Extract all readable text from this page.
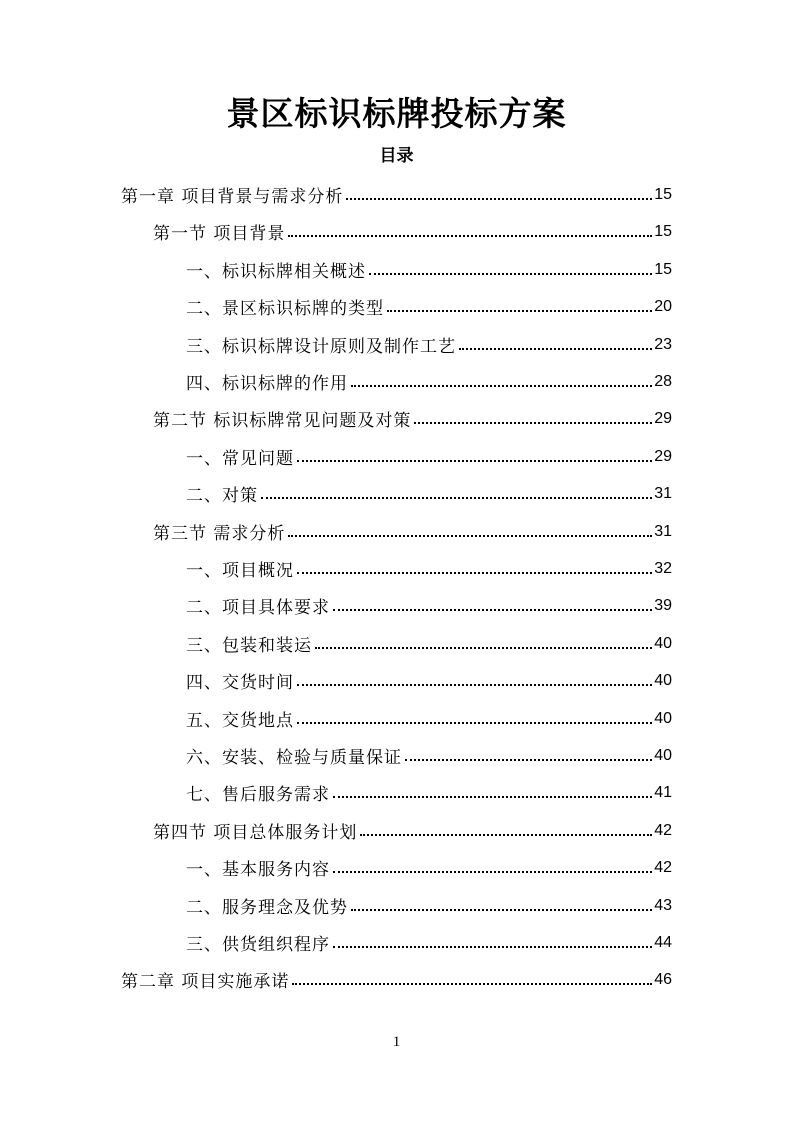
景区标识标牌投标方案
目录
第一章 项目背景与需求分析	15
第一节 项目背景	15
一、标识标牌相关概述	15
二、景区标识标牌的类型	20
三、标识标牌设计原则及制作工艺	23
四、标识标牌的作用	28
第二节 标识标牌常见问题及对策	29
一、常见问题	29
二、对策	31
第三节 需求分析	31
一、项目概况	32
二、项目具体要求	39
三、包装和装运	40
四、交货时间	40
五、交货地点	40
六、安装、检验与质量保证	40
七、售后服务需求	41
第四节 项目总体服务计划	42
一、基本服务内容	42
二、服务理念及优势	43
三、供货组织程序	44
第二章 项目实施承诺	46
1
